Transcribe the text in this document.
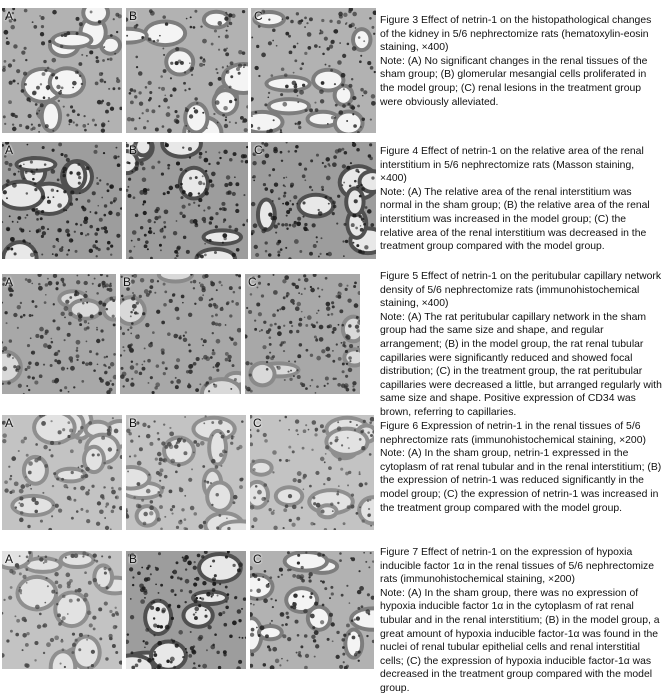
A	B	C	Figure 3 Effect of netrin-1 on the histopathological changes of the kidney in 5/6 nephrectomize rats (hematoxylin-eosin staining, ×400)
Note: (A) No significant changes in the renal tissues of the sham group; (B) glomerular mesangial cells proliferated in the model group; (C) renal lesions in the treatment group were obviously alleviated.

A	B	C	Figure 4 Effect of netrin-1 on the relative area of the renal interstitium in 5/6 nephrectomize rats (Masson staining, ×400)
Note: (A) The relative area of the renal interstitium was normal in the sham group; (B) the relative area of the renal interstitium was increased in the model group; (C) the relative area of the renal interstitium was decreased in the treatment group compared with the model group.

A	B	C	Figure 5 Effect of netrin-1 on the peritubular capillary network density of 5/6 nephrectomize rats (immunohistochemical staining, ×400)
Note: (A) The rat peritubular capillary network in the sham group had the same size and shape, and regular arrangement; (B) in the model group, the rat renal tubular capillaries were significantly reduced and showed focal distribution; (C) in the treatment group, the rat peritubular capillaries were decreased a little, but arranged regularly with same size and shape. Positive expression of CD34 was brown, referring to capillaries.

A	B	C	Figure 6 Expression of netrin-1 in the renal tissues of 5/6 nephrectomize rats (immunohistochemical staining, ×200)
Note: (A) In the sham group, netrin-1 expressed in the cytoplasm of rat renal tubular and in the renal interstitium; (B) the expression of netrin-1 was reduced significantly in the model group; (C) the expression of netrin-1 was increased in the treatment group compared with the model group.

A	B	C	Figure 7 Effect of netrin-1 on the expression of hypoxia inducible factor 1α in the renal tissues of 5/6 nephrectomize rats (immunohistochemical staining, ×200)
Note: (A) In the sham group, there was no expression of hypoxia inducible factor 1α in the cytoplasm of rat renal tubular and in the renal interstitium; (B) in the model group, a great amount of hypoxia inducible factor-1α was found in the nuclei of renal tubular epithelial cells and renal interstitial cells; (C) the expression of hypoxia inducible factor-1α was decreased in the treatment group compared with the model group.
